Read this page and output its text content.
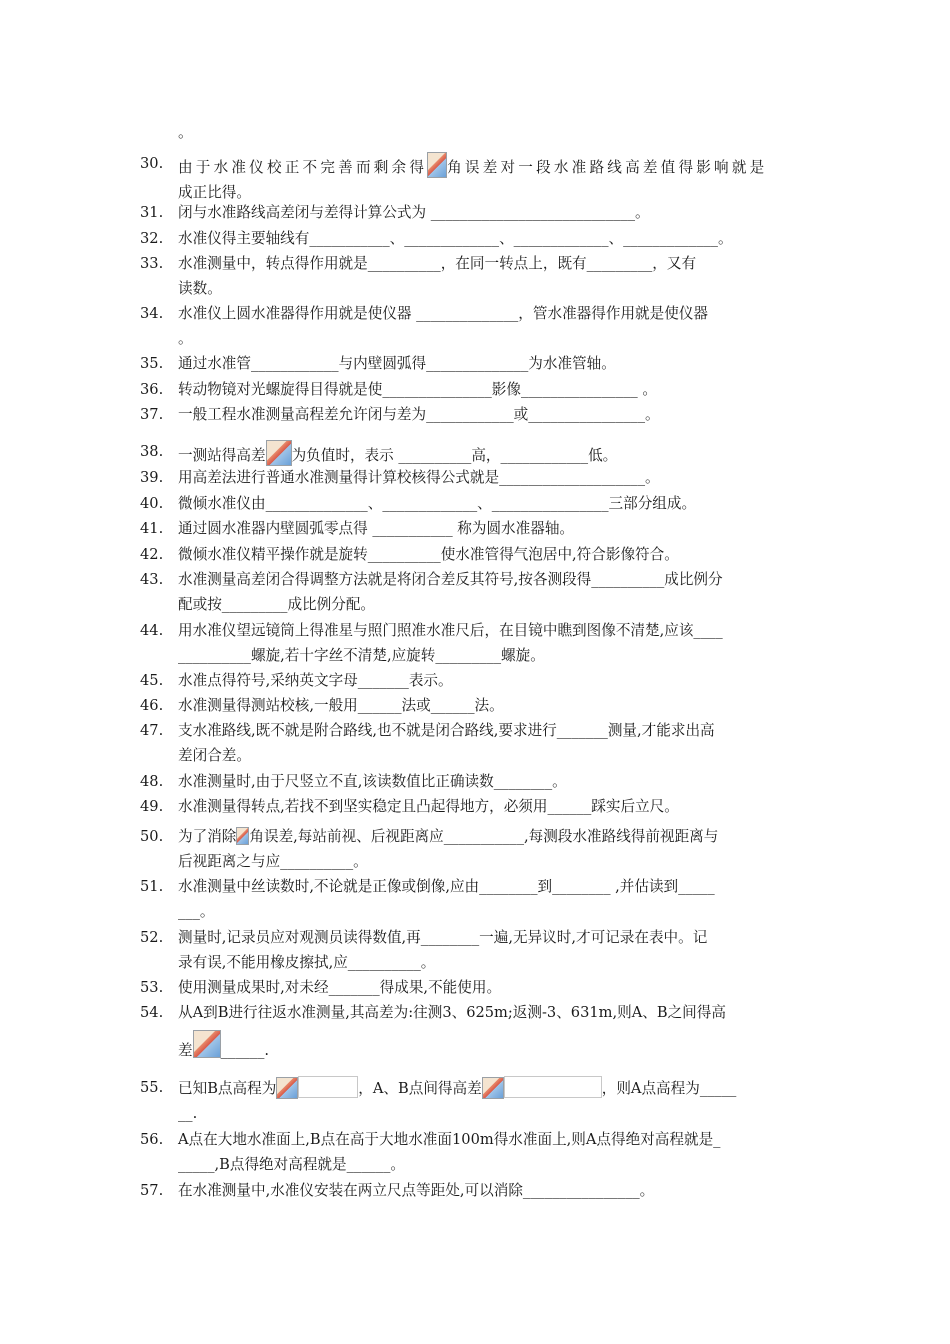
。
30.	由于水准仪校正不完善而剩余得 角误差对一段水准路线高差值得影响就是
成正比得。
31.	闭与水准路线高差闭与差得计算公式为 ____________________________。
32.	水准仪得主要轴线有___________、_____________、_____________、_____________。
33.	水准测量中，转点得作用就是__________，在同一转点上，既有_________，又有
读数。
34.	水准仪上圆水准器得作用就是使仪器 ______________，管水准器得作用就是使仪器
。
35.	通过水准管____________与内壁圆弧得______________为水准管轴。
36.	转动物镜对光螺旋得目得就是使_______________影像________________ 。
37.	一般工程水准测量高程差允许闭与差为____________或________________。
38.	一测站得高差 为负值时，表示 __________高，____________低。
39.	用高差法进行普通水准测量得计算校核得公式就是____________________。
40.	微倾水准仪由______________、_____________、________________三部分组成。
41.	通过圆水准器内壁圆弧零点得 ___________ 称为圆水准器轴。
42.	微倾水准仪精平操作就是旋转__________使水准管得气泡居中,符合影像符合。
43.	水准测量高差闭合得调整方法就是将闭合差反其符号,按各测段得__________成比例分
配或按_________成比例分配。
44.	用水准仪望远镜筒上得准星与照门照准水准尺后，在目镜中瞧到图像不清楚,应该____
__________螺旋,若十字丝不清楚,应旋转_________螺旋。
45.	水准点得符号,采纳英文字母_______表示。
46.	水准测量得测站校核,一般用______法或______法。
47.	支水准路线,既不就是附合路线,也不就是闭合路线,要求进行_______测量,才能求出高
差闭合差。
48.	水准测量时,由于尺竖立不直,该读数值比正确读数________。
49.	水准测量得转点,若找不到坚实稳定且凸起得地方，必须用______踩实后立尺。
50.	为了消除 角误差,每站前视、后视距离应___________,每测段水准路线得前视距离与
后视距离之与应__________。
51.	水准测量中丝读数时,不论就是正像或倒像,应由________到________ ,并估读到_____
___。
52.	测量时,记录员应对观测员读得数值,再________一遍,无异议时,才可记录在表中。记
录有误,不能用橡皮擦拭,应__________。
53.	使用测量成果时,对未经_______得成果,不能使用。
54.	从A到B进行往返水准测量,其高差为:往测3、625m;返测-3、631m,则A、B之间得高
差 ______.
55.	已知B点高程为	，A、B点间得高差	，则A点高程为_____
__.
56.	A点在大地水准面上,B点在高于大地水准面100m得水准面上,则A点得绝对高程就是_
_____,B点得绝对高程就是______。
57.	在水准测量中,水准仪安装在两立尺点等距处,可以消除________________。
